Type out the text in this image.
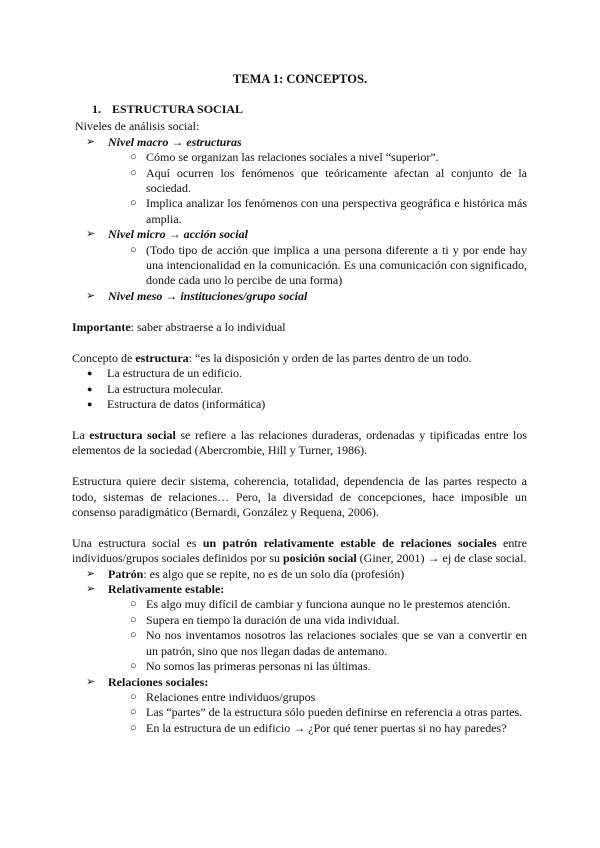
TEMA 1: CONCEPTOS.
1. ESTRUCTURA SOCIAL

Niveles de análisis social:

➢	Nivel macro → estructuras
○ Cómo se organizan las relaciones sociales a nivel “superior”.
○ Aquí ocurren los fenómenos que teóricamente afectan al conjunto de la sociedad.
○ Implica analizar los fenómenos con una perspectiva geográfica e histórica más amplia.
➢	Nivel micro → acción social
○ (Todo tipo de acción que implica a una persona diferente a ti y por ende hay una intencionalidad en la comunicación. Es una comunicación con significado, donde cada uno lo percibe de una forma)
➢	Nivel meso → instituciones/grupo social

Importante: saber abstraerse a lo individual

Concepto de estructura: “es la disposición y orden de las partes dentro de un todo.

●	La estructura de un edificio.
●	La estructura molecular.
●	Estructura de datos (informática)

La estructura social se refiere a las relaciones duraderas, ordenadas y tipificadas entre los elementos de la sociedad (Abercrombie, Hill y Turner, 1986).

Estructura quiere decir sistema, coherencia, totalidad, dependencia de las partes respecto a todo, sistemas de relaciones… Pero, la diversidad de concepciones, hace imposible un consenso paradigmático (Bernardi, González y Requena, 2006).

Una estructura social es un patrón relativamente estable de relaciones sociales entre individuos/grupos sociales definidos por su posición social (Giner, 2001) → ej de clase social.

➢	Patrón: es algo que se repite, no es de un solo día (profesión)
➢	Relativamente estable:
○ Es algo muy difícil de cambiar y funciona aunque no le prestemos atención.
○ Supera en tiempo la duración de una vida individual.
○ No nos inventamos nosotros las relaciones sociales que se van a convertir en un patrón, sino que nos llegan dadas de antemano.
○ No somos las primeras personas ni las últimas.
➢	Relaciones sociales:
○ Relaciones entre individuos/grupos
○ Las “partes” de la estructura sólo pueden definirse en referencia a otras partes.
○ En la estructura de un edificio → ¿Por qué tener puertas si no hay paredes?
